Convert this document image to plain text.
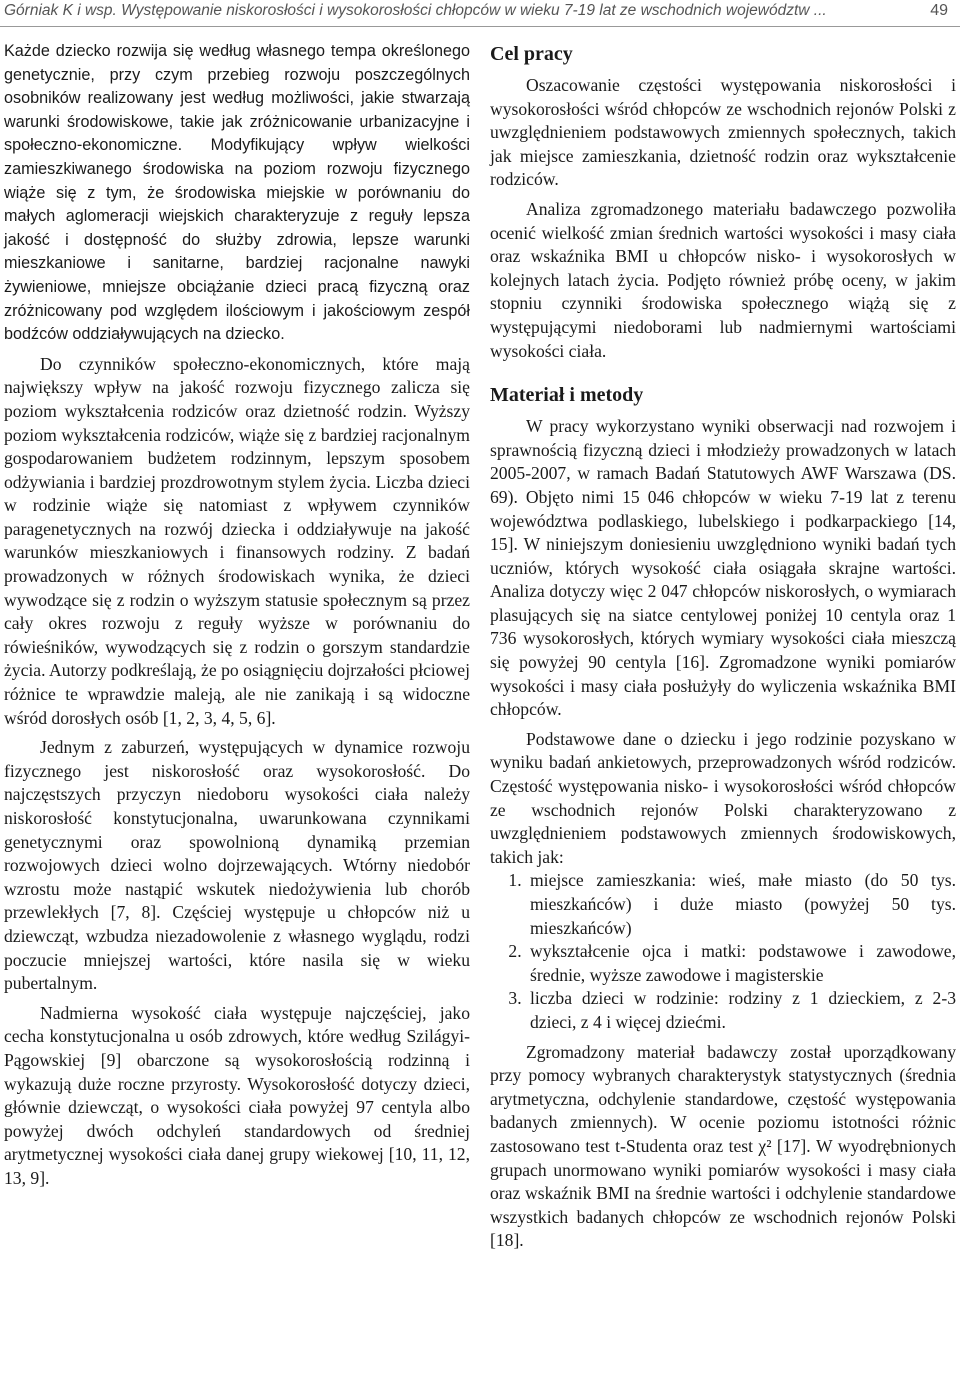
Górniak K i wsp. Występowanie niskorosłości i wysokorosłości chłopców w wieku 7-19 lat ze wschodnich województw ...	49

Każde dziecko rozwija się według własnego tempa określonego genetycznie, przy czym przebieg rozwoju poszczególnych osobników realizowany jest według możliwości, jakie stwarzają warunki środowiskowe, takie jak zróżnicowanie urbanizacyjne i społeczno-ekonomiczne. Modyfikujący wpływ wielkości zamieszkiwanego środowiska na poziom rozwoju fizycznego wiąże się z tym, że środowiska miejskie w porównaniu do małych aglomeracji wiejskich charakteryzuje z reguły lepsza jakość i dostępność do służby zdrowia, lepsze warunki mieszkaniowe i sanitarne, bardziej racjonalne nawyki żywieniowe, mniejsze obciążanie dzieci pracą fizyczną oraz zróżnicowany pod względem ilościowym i jakościowym zespół bodźców oddziaływujących na dziecko.

Do czynników społeczno-ekonomicznych, które mają największy wpływ na jakość rozwoju fizycznego zalicza się poziom wykształcenia rodziców oraz dzietność rodzin. Wyższy poziom wykształcenia rodziców, wiąże się z bardziej racjonalnym gospodarowaniem budżetem rodzinnym, lepszym sposobem odżywiania i bardziej prozdrowotnym stylem życia. Liczba dzieci w rodzinie wiąże się natomiast z wpływem czynników paragenetycznych na rozwój dziecka i oddziaływuje na jakość warunków mieszkaniowych i finansowych rodziny. Z badań prowadzonych w różnych środowiskach wynika, że dzieci wywodzące się z rodzin o wyższym statusie społecznym są przez cały okres rozwoju z reguły wyższe w porównaniu do rówieśników, wywodzących się z rodzin o gorszym standardzie życia. Autorzy podkreślają, że po osiągnięciu dojrzałości płciowej różnice te wprawdzie maleją, ale nie zanikają i są widoczne wśród dorosłych osób [1, 2, 3, 4, 5, 6].

Jednym z zaburzeń, występujących w dynamice rozwoju fizycznego jest niskorosłość oraz wysokorosłość. Do najczęstszych przyczyn niedoboru wysokości ciała należy niskorosłość konstytucjonalna, uwarunkowana czynnikami genetycznymi oraz spowolnioną dynamiką przemian rozwojowych dzieci wolno dojrzewających. Wtórny niedobór wzrostu może nastąpić wskutek niedożywienia lub chorób przewlekłych [7, 8]. Częściej występuje u chłopców niż u dziewcząt, wzbudza niezadowolenie z własnego wyglądu, rodzi poczucie mniejszej wartości, które nasila się w wieku pubertalnym.

Nadmierna wysokość ciała występuje najczęściej, jako cecha konstytucjonalna u osób zdrowych, które według Szilágyi-Pągowskiej [9] obarczone są wysokorosłością rodzinną i wykazują duże roczne przyrosty. Wysokorosłość dotyczy dzieci, głównie dziewcząt, o wysokości ciała powyżej 97 centyla albo powyżej dwóch odchyleń standardowych od średniej arytmetycznej wysokości ciała danej grupy wiekowej [10, 11, 12, 13, 9].

Cel pracy

Oszacowanie częstości występowania niskorosłości i wysokorosłości wśród chłopców ze wschodnich rejonów Polski z uwzględnieniem podstawowych zmiennych społecznych, takich jak miejsce zamieszkania, dzietność rodzin oraz wykształcenie rodziców.

Analiza zgromadzonego materiału badawczego pozwoliła ocenić wielkość zmian średnich wartości wysokości i masy ciała oraz wskaźnika BMI u chłopców nisko- i wysokorosłych w kolejnych latach życia. Podjęto również próbę oceny, w jakim stopniu czynniki środowiska społecznego wiążą się z występującymi niedoborami lub nadmiernymi wartościami wysokości ciała.

Materiał i metody

W pracy wykorzystano wyniki obserwacji nad rozwojem i sprawnością fizyczną dzieci i młodzieży prowadzonych w latach 2005-2007, w ramach Badań Statutowych AWF Warszawa (DS. 69). Objęto nimi 15 046 chłopców w wieku 7-19 lat z terenu województwa podlaskiego, lubelskiego i podkarpackiego [14, 15]. W niniejszym doniesieniu uwzględniono wyniki badań tych uczniów, których wysokość ciała osiągała skrajne wartości. Analiza dotyczy więc 2 047 chłopców niskorosłych, o wymiarach plasujących się na siatce centylowej poniżej 10 centyla oraz 1 736 wysokorosłych, których wymiary wysokości ciała mieszczą się powyżej 90 centyla [16]. Zgromadzone wyniki pomiarów wysokości i masy ciała posłużyły do wyliczenia wskaźnika BMI chłopców.

Podstawowe dane o dziecku i jego rodzinie pozyskano w wyniku badań ankietowych, przeprowadzonych wśród rodziców. Częstość występowania nisko- i wysokorosłości wśród chłopców ze wschodnich rejonów Polski charakteryzowano z uwzględnieniem podstawowych zmiennych środowiskowych, takich jak:

1. miejsce zamieszkania: wieś, małe miasto (do 50 tys. mieszkańców) i duże miasto (powyżej 50 tys. mieszkańców)
2. wykształcenie ojca i matki: podstawowe i zawodowe, średnie, wyższe zawodowe i magisterskie
3. liczba dzieci w rodzinie: rodziny z 1 dzieckiem, z 2-3 dzieci, z 4 i więcej dziećmi.

Zgromadzony materiał badawczy został uporządkowany przy pomocy wybranych charakterystyk statystycznych (średnia arytmetyczna, odchylenie standardowe, częstość występowania badanych zmiennych). W ocenie poziomu istotności różnic zastosowano test t-Studenta oraz test χ² [17]. W wyodrębnionych grupach unormowano wyniki pomiarów wysokości i masy ciała oraz wskaźnik BMI na średnie wartości i odchylenie standardowe wszystkich badanych chłopców ze wschodnich rejonów Polski [18].
